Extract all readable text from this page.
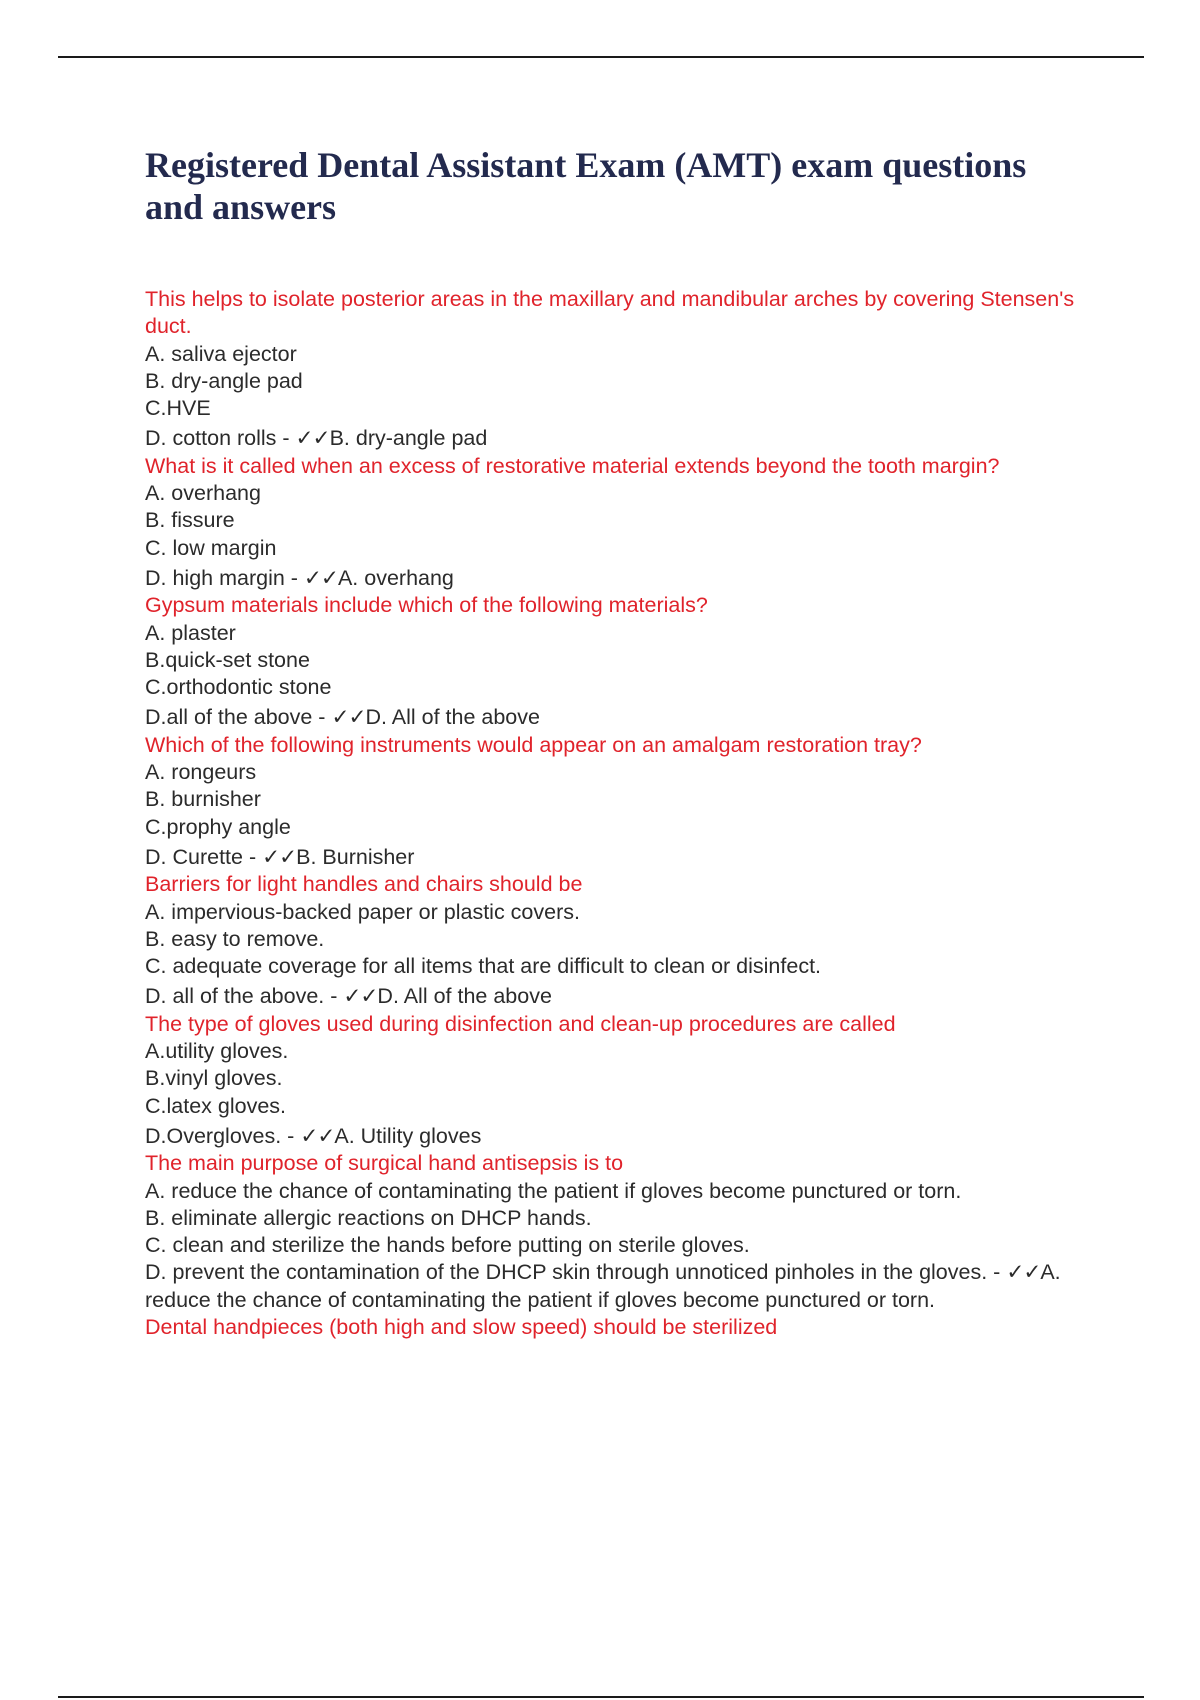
Registered Dental Assistant Exam (AMT) exam questions and answers

This helps to isolate posterior areas in the maxillary and mandibular arches by covering Stensen's duct.

A. saliva ejector

B. dry-angle pad

C.HVE

D. cotton rolls - ✓✓B. dry-angle pad

What is it called when an excess of restorative material extends beyond the tooth margin?

A. overhang

B. fissure

C. low margin

D. high margin - ✓✓A. overhang

Gypsum materials include which of the following materials?

A. plaster

B.quick-set stone

C.orthodontic stone

D.all of the above - ✓✓D. All of the above

Which of the following instruments would appear on an amalgam restoration tray?

A. rongeurs

B. burnisher

C.prophy angle

D. Curette - ✓✓B. Burnisher

Barriers for light handles and chairs should be

A. impervious-backed paper or plastic covers.

B. easy to remove.

C. adequate coverage for all items that are difficult to clean or disinfect.

D. all of the above. - ✓✓D. All of the above

The type of gloves used during disinfection and clean-up procedures are called

A.utility gloves.

B.vinyl gloves.

C.latex gloves.

D.Overgloves. - ✓✓A. Utility gloves

The main purpose of surgical hand antisepsis is to

A. reduce the chance of contaminating the patient if gloves become punctured or torn.

B. eliminate allergic reactions on DHCP hands.

C. clean and sterilize the hands before putting on sterile gloves.

D. prevent the contamination of the DHCP skin through unnoticed pinholes in the gloves. - ✓✓A. reduce the chance of contaminating the patient if gloves become punctured or torn.

Dental handpieces (both high and slow speed) should be sterilized
